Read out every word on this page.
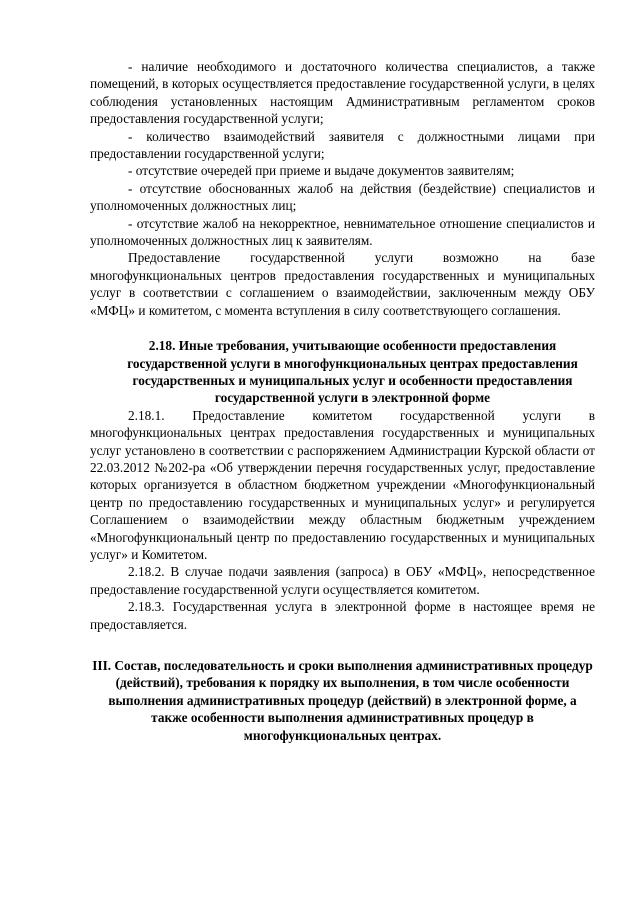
- наличие необходимого и достаточного количества специалистов, а также помещений, в которых осуществляется предоставление государственной услуги, в целях соблюдения установленных настоящим Административным регламентом сроков предоставления государственной услуги;

- количество взаимодействий заявителя с должностными лицами при предоставлении государственной услуги;

- отсутствие очередей при приеме и выдаче документов заявителям;

- отсутствие обоснованных жалоб на действия (бездействие) специалистов и уполномоченных должностных лиц;

- отсутствие жалоб на некорректное, невнимательное отношение специалистов и уполномоченных должностных лиц к заявителям.

Предоставление государственной услуги возможно на базе многофункциональных центров предоставления государственных и муниципальных услуг в соответствии с соглашением о взаимодействии, заключенным между ОБУ «МФЦ» и комитетом, с момента вступления в силу соответствующего соглашения.

2.18. Иные требования, учитывающие особенности предоставления государственной услуги в многофункциональных центрах предоставления государственных и муниципальных услуг и особенности предоставления государственной услуги в электронной форме

2.18.1. Предоставление комитетом государственной услуги в многофункциональных центрах предоставления государственных и муниципальных услуг установлено в соответствии с распоряжением Администрации Курской области от 22.03.2012 №202-ра «Об утверждении перечня государственных услуг, предоставление которых организуется в областном бюджетном учреждении «Многофункциональный центр по предоставлению государственных и муниципальных услуг» и регулируется Соглашением о взаимодействии между областным бюджетным учреждением «Многофункциональный центр по предоставлению государственных и муниципальных услуг» и Комитетом.

2.18.2. В случае подачи заявления (запроса) в ОБУ «МФЦ», непосредственное предоставление государственной услуги осуществляется комитетом.

2.18.3. Государственная услуга в электронной форме в настоящее время не предоставляется.

III. Состав, последовательность и сроки выполнения административных процедур (действий), требования к порядку их выполнения, в том числе особенности выполнения административных процедур (действий) в электронной форме, а также особенности выполнения административных процедур в многофункциональных центрах.
